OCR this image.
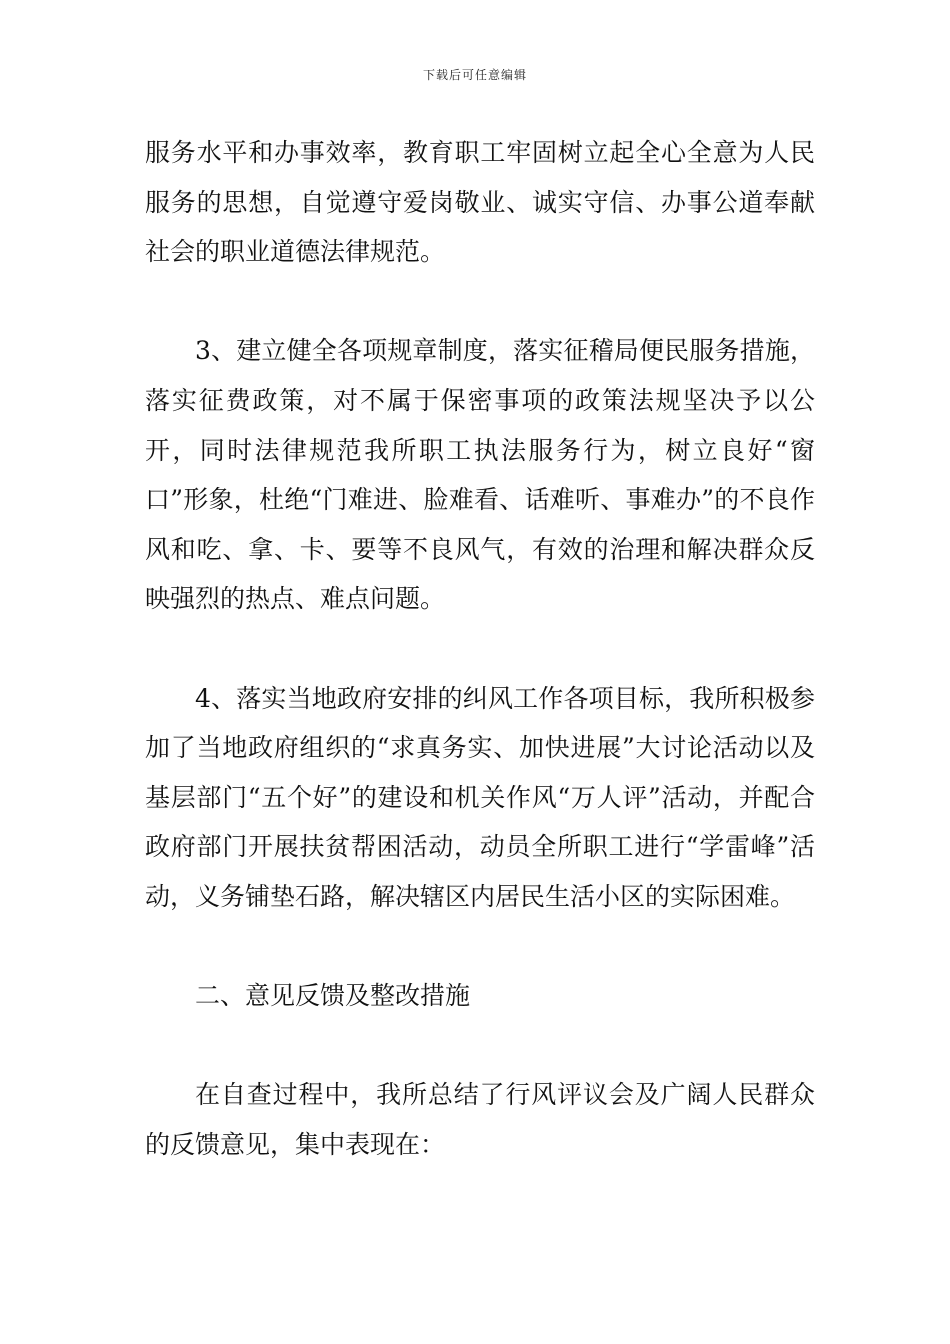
下载后可任意编辑

服务水平和办事效率，教育职工牢固树立起全心全意为人民服务的思想，自觉遵守爱岗敬业、诚实守信、办事公道奉献社会的职业道德法律规范。

3、建立健全各项规章制度，落实征稽局便民服务措施，落实征费政策，对不属于保密事项的政策法规坚决予以公开，同时法律规范我所职工执法服务行为，树立良好“窗口”形象，杜绝“门难进、脸难看、话难听、事难办”的不良作风和吃、拿、卡、要等不良风气，有效的治理和解决群众反映强烈的热点、难点问题。

4、落实当地政府安排的纠风工作各项目标，我所积极参加了当地政府组织的“求真务实、加快进展”大讨论活动以及基层部门“五个好”的建设和机关作风“万人评”活动，并配合政府部门开展扶贫帮困活动，动员全所职工进行“学雷峰”活动，义务铺垫石路，解决辖区内居民生活小区的实际困难。

二、意见反馈及整改措施

在自查过程中，我所总结了行风评议会及广阔人民群众的反馈意见，集中表现在：
